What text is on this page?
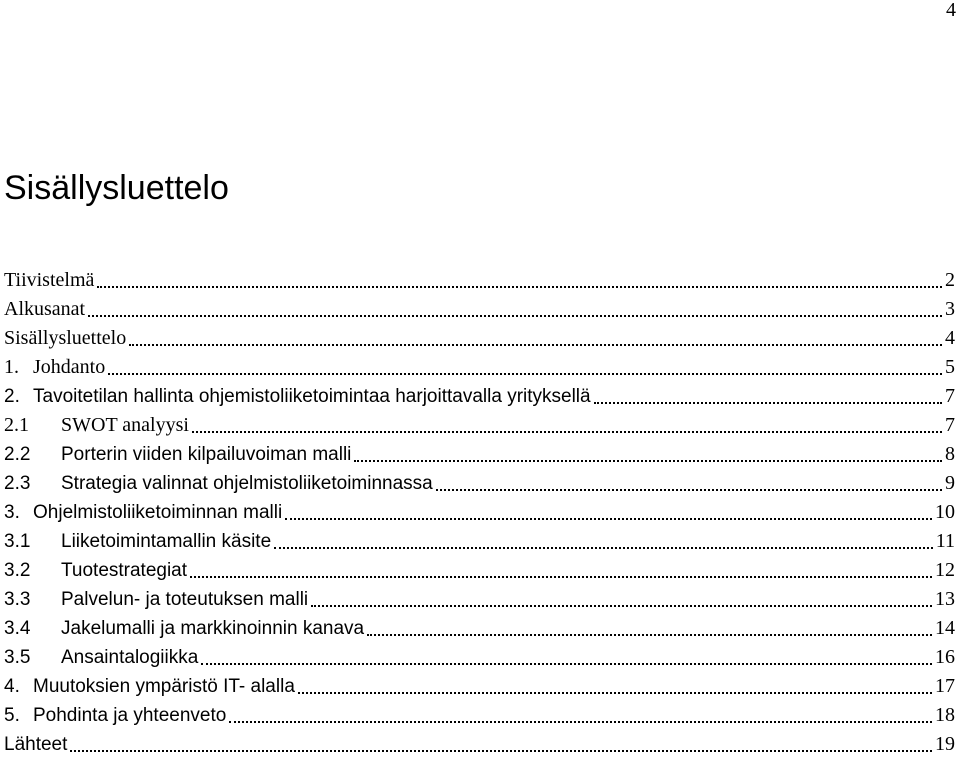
4
Sisällysluettelo
Tiivistelmä	2
Alkusanat	3
Sisällysluettelo	4
1. Johdanto	5
2. Tavoitetilan hallinta ohjemistoliiketoimintaa harjoittavalla yrityksellä	7
2.1	SWOT analyysi	7
2.2	Porterin viiden kilpailuvoiman malli	8
2.3	Strategia valinnat ohjelmistoliiketoiminnassa	9
3. Ohjelmistoliiketoiminnan malli	10
3.1	Liiketoimintamallin käsite	11
3.2	Tuotestrategiat	12
3.3	Palvelun- ja toteutuksen malli	13
3.4	Jakelumalli ja markkinoinnin kanava	14
3.5	Ansaintalogiikka	16
4. Muutoksien ympäristö IT- alalla	17
5. Pohdinta ja yhteenveto	18
Lähteet	19
